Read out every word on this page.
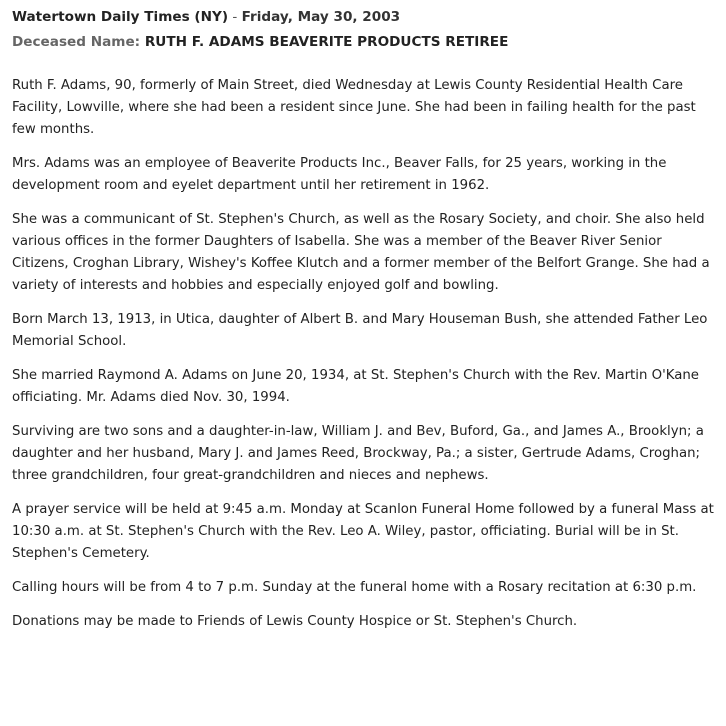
Watertown Daily Times (NY) - Friday, May 30, 2003
Deceased Name: RUTH F. ADAMS BEAVERITE PRODUCTS RETIREE

Ruth F. Adams, 90, formerly of Main Street, died Wednesday at Lewis County Residential Health Care Facility, Lowville, where she had been a resident since June. She had been in failing health for the past few months.

Mrs. Adams was an employee of Beaverite Products Inc., Beaver Falls, for 25 years, working in the development room and eyelet department until her retirement in 1962.

She was a communicant of St. Stephen's Church, as well as the Rosary Society, and choir. She also held various offices in the former Daughters of Isabella. She was a member of the Beaver River Senior Citizens, Croghan Library, Wishey's Koffee Klutch and a former member of the Belfort Grange. She had a variety of interests and hobbies and especially enjoyed golf and bowling.

Born March 13, 1913, in Utica, daughter of Albert B. and Mary Houseman Bush, she attended Father Leo Memorial School.

She married Raymond A. Adams on June 20, 1934, at St. Stephen's Church with the Rev. Martin O'Kane officiating. Mr. Adams died Nov. 30, 1994.

Surviving are two sons and a daughter-in-law, William J. and Bev, Buford, Ga., and James A., Brooklyn; a daughter and her husband, Mary J. and James Reed, Brockway, Pa.; a sister, Gertrude Adams, Croghan; three grandchildren, four great-grandchildren and nieces and nephews.

A prayer service will be held at 9:45 a.m. Monday at Scanlon Funeral Home followed by a funeral Mass at 10:30 a.m. at St. Stephen's Church with the Rev. Leo A. Wiley, pastor, officiating. Burial will be in St. Stephen's Cemetery.

Calling hours will be from 4 to 7 p.m. Sunday at the funeral home with a Rosary recitation at 6:30 p.m.

Donations may be made to Friends of Lewis County Hospice or St. Stephen's Church.
